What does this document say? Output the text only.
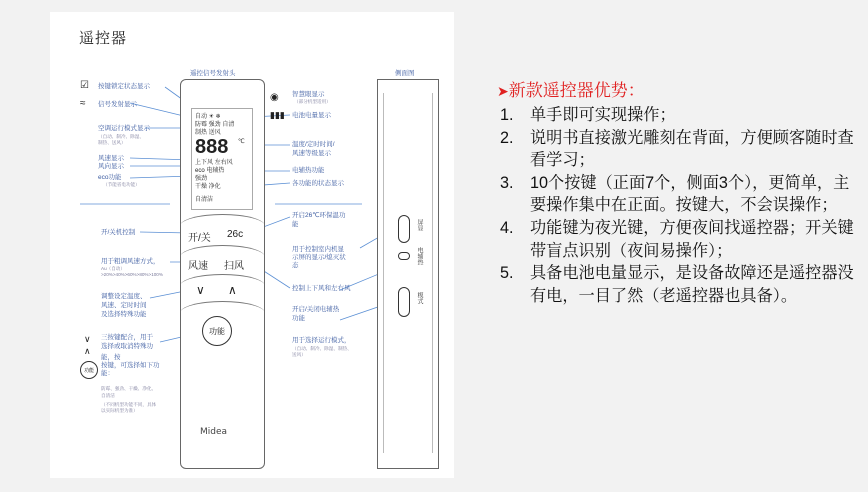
遥控器
遥控信号发射头	侧面图
☑
≈
按键锁定状态显示
信号发射显示
空调运行模式显示
（自动、制冷、除湿、制热、送风）
风速显示
风向显示
eco功能
（节能省电功能）
开/关机控制
用于粗调风速方式，
Au（自动）>20%>40%>60%>80%>100%
调整设定温度、
风速、定时时间
及选择特殊功能
∨
∧
功能
三按键配合，用于
选择或取消特殊功
能，按
按键，可选择如下功
能：
防霉、强劲、干燥、净化、
自清洁
（不同机型功能不同，具体以实际机型为准）
◉ 智慧眼显示
（部分机型适用）
▮▮▮ 电池电量显示
温度/定时时间/
风速等级显示
电辅热功能
各功能的状态显示
开启26℃环保温功
能
控制上下风和左右风
用于控制室内机显
示屏的显示/熄灭状
态
开启/关闭电辅热
功能
用于选择运行模式，
（自动、制冷、除湿、制热、送风）
自动 ☀ ❄
防霉 强劲 自清
制热 送风
888 ℃
上下风 左右风
eco 电辅热
强劲
干燥 净化
自清洁
开/关 26c
风速 扫风
∨ ∧
功能
Midea
屏显
电辅热
模式
➤新款遥控器优势：
1. 单手即可实现操作；
2. 说明书直接激光雕刻在背面，方便顾客随时查看学习；
3. 10个按键（正面7个，侧面3个），更简单，主要操作集中在正面。按键大，不会误操作；
4. 功能键为夜光键，方便夜间找遥控器；开关键带盲点识别（夜间易操作）；
5. 具备电池电量显示，是设备故障还是遥控器没有电，一目了然（老遥控器也具备）。
